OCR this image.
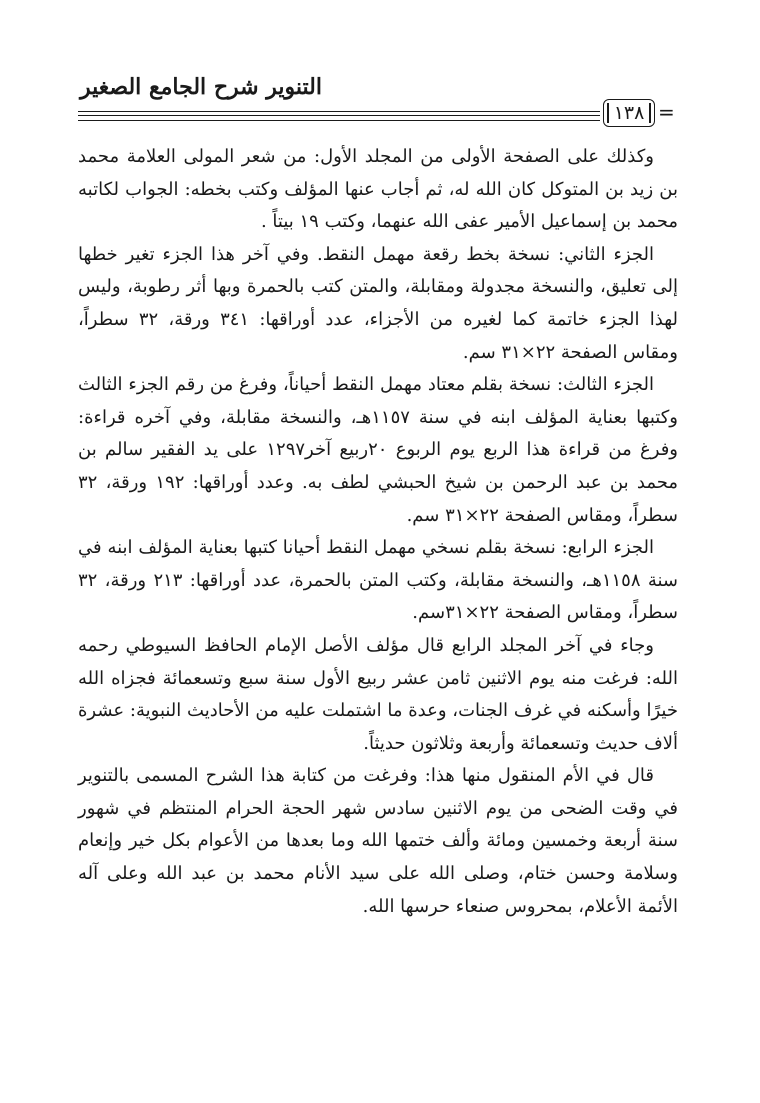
التنوير شرح الجامع الصغير
١٣٨ =

وكذلك على الصفحة الأولى من المجلد الأول: من شعر المولى العلامة محمد بن زيد بن المتوكل كان الله له، ثم أجاب عنها المؤلف وكتب بخطه: الجواب لكاتبه محمد بن إسماعيل الأمير عفى الله عنهما، وكتب ١٩ بيتاً .

الجزء الثاني: نسخة بخط رقعة مهمل النقط. وفي آخر هذا الجزء تغير خطها إلى تعليق، والنسخة مجدولة ومقابلة، والمتن كتب بالحمرة وبها أثر رطوبة، وليس لهذا الجزء خاتمة كما لغيره من الأجزاء، عدد أوراقها: ٣٤١ ورقة، ٣٢ سطراً، ومقاس الصفحة ٢٢×٣١ سم.

الجزء الثالث: نسخة بقلم معتاد مهمل النقط أحياناً، وفرغ من رقم الجزء الثالث وكتبها بعناية المؤلف ابنه في سنة ١١٥٧هـ، والنسخة مقابلة، وفي آخره قراءة: وفرغ من قراءة هذا الربع يوم الربوع ٢٠ربيع آخر١٢٩٧ على يد الفقير سالم بن محمد بن عبد الرحمن بن شيخ الحبشي لطف به. وعدد أوراقها: ١٩٢ ورقة، ٣٢ سطراً، ومقاس الصفحة ٢٢×٣١ سم.

الجزء الرابع: نسخة بقلم نسخي مهمل النقط أحيانا كتبها بعناية المؤلف ابنه في سنة ١١٥٨هـ، والنسخة مقابلة، وكتب المتن بالحمرة، عدد أوراقها: ٢١٣ ورقة، ٣٢ سطراً، ومقاس الصفحة ٢٢×٣١سم.

وجاء في آخر المجلد الرابع قال مؤلف الأصل الإمام الحافظ السيوطي رحمه الله: فرغت منه يوم الاثنين ثامن عشر ربيع الأول سنة سبع وتسعمائة فجزاه الله خيرًا وأسكنه في غرف الجنات، وعدة ما اشتملت عليه من الأحاديث النبوية: عشرة ألاف حديث وتسعمائة وأربعة وثلاثون حديثاً.

قال في الأم المنقول منها هذا: وفرغت من كتابة هذا الشرح المسمى بالتنوير في وقت الضحى من يوم الاثنين سادس شهر الحجة الحرام المنتظم في شهور سنة أربعة وخمسين ومائة وألف ختمها الله وما بعدها من الأعوام بكل خير وإنعام وسلامة وحسن ختام، وصلى الله على سيد الأنام محمد بن عبد الله وعلى آله الأئمة الأعلام، بمحروس صنعاء حرسها الله.
